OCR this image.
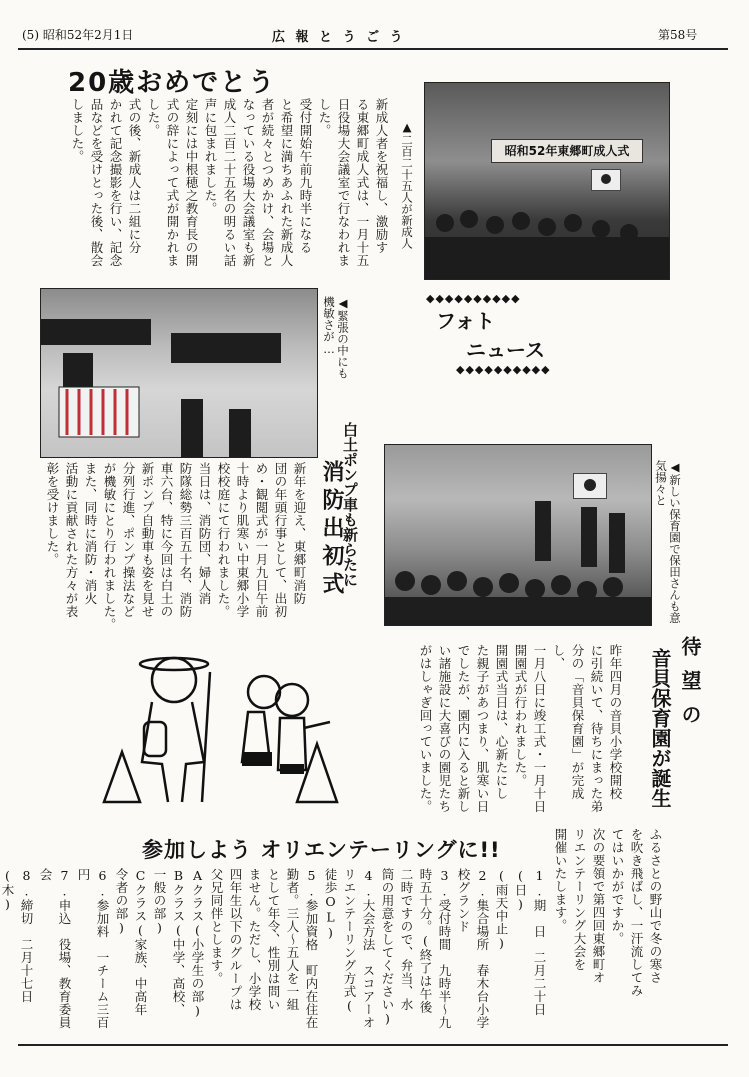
(5) 昭和52年2月1日	広 報 と う ご う	第58号
20歳おめでとう
新成人者を祝福し、激励す
る東郷町成人式は、一月十五
日役場大会議室で行なわれま
した。
受付開始午前九時半になる
と希望に満ちあふれた新成人
者が続々とつめかけ、会場と
なっている役場大会議室も新
成人二百二十五名の明るい話
声に包まれました。
定刻には中根穂之教育長の開
式の辞によって式が開かれま
した。
式の後、新成人は二組に分
かれて記念撮影を行い、記念
品などを受けとった後、散会
しました。	▲二百二十五人が新成人	昭和52年東郷町成人式
◀緊張の中にも機敏さが…
白土ポンプ車も新らたに
消防出初式
新年を迎え、東郷町消防
団の年頭行事として、出初
め・観閲式が一月九日午前
十時より肌寒い中東郷小学
校校庭にて行われました。
当日は、消防団、婦人消
防隊総勢三百五十名、消防
車六台、特に今回は白土の
新ポンプ自動車も姿を見せ
分列行進、ポンプ操法など
が機敏にとり行われました。
また、同時に消防・消火
活動に貢献された方々が表
彰を受けました。
◆◆◆◆◆◆◆◆◆◆
フォト
ニュース
◆◆◆◆◆◆◆◆◆◆
◀新しい保育園で保田さんも意気揚々と
待望の
音貝保育園が誕生
昨年四月の音貝小学校開校
に引続いて、待ちにまった弟
分の「音貝保育園」が完成し、
一月八日に竣工式・一月十日
開園式が行われました。
開園式当日は、心新たにし
た親子があつまり、肌寒い日
でしたが、園内に入ると新し
い諸施設に大喜びの園児たち
がはしゃぎ回っていました。
参加しよう オリエンテーリングに!!	ふるさとの野山で冬の寒さ
を吹き飛ばし、一汗流してみ
てはいかがですか。
次の要領で第四回東郷町オ
リエンテーリング大会を
開催いたします。
1.期　日　二月二十日(日)
(雨天中止)
2.集合場所　春木台小学
校グランド
3.受付時間　九時半～九
時五十分。(終了は午後
二時ですので、弁当、水
筒の用意をしてください)
4.大会方法　スコアーオ
リエンテーリング方式(
徒歩OL)
5.参加資格　町内在住在
勤者。三人～五人を一組
として年令、性別は問い
ません。ただし、小学校
四年生以下のグループは
父兄同伴とします。
Aクラス(小学生の部)
Bクラス(中学、高校、
一般の部)
Cクラス(家族、中高年
令者の部)
6.参加料　一チーム三百円
7.申込　役場、教育委員会
8.締切　二月十七日(木)
